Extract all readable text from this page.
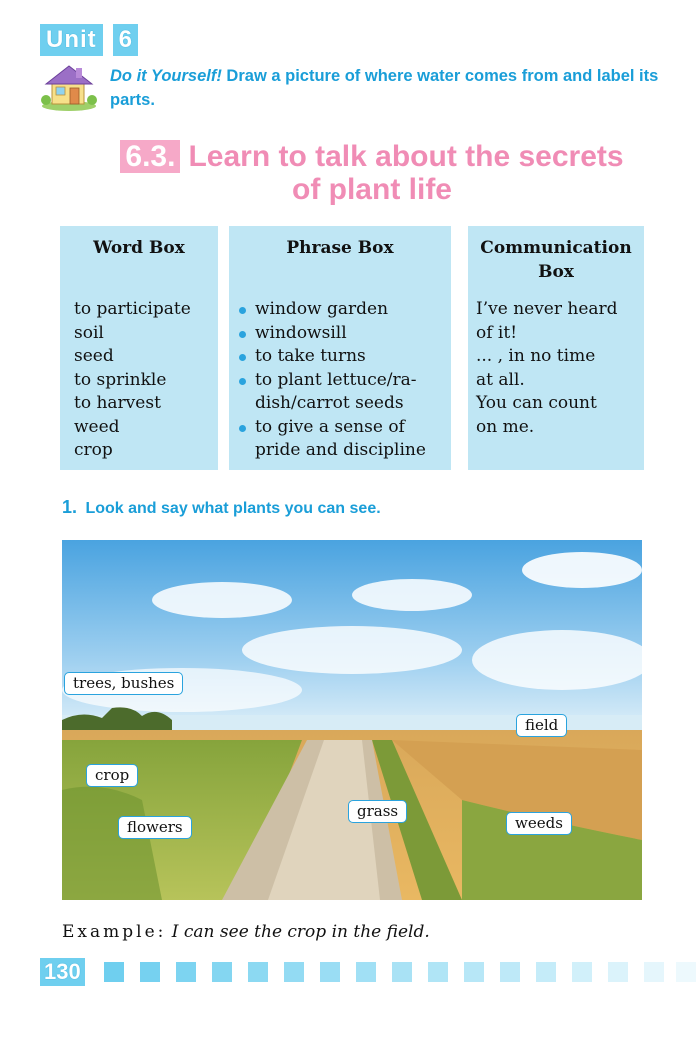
Unit 6
Do it Yourself! Draw a picture of where water comes from and label its parts.
6.3. Learn to talk about the secrets
of plant life
Word Box
to participate
soil
seed
to sprinkle
to harvest
weed
crop
Phrase Box
window garden
windowsill
to take turns
to plant lettuce/ra-
dish/carrot seeds
to give a sense of
pride and discipline
Communication
Box
I’ve never heard
of it!
... , in no time
at all.
You can count
on me.
1. Look and say what plants you can see.
trees, bushes
field
crop
flowers
grass
weeds
Example: I can see the crop in the field.
130
